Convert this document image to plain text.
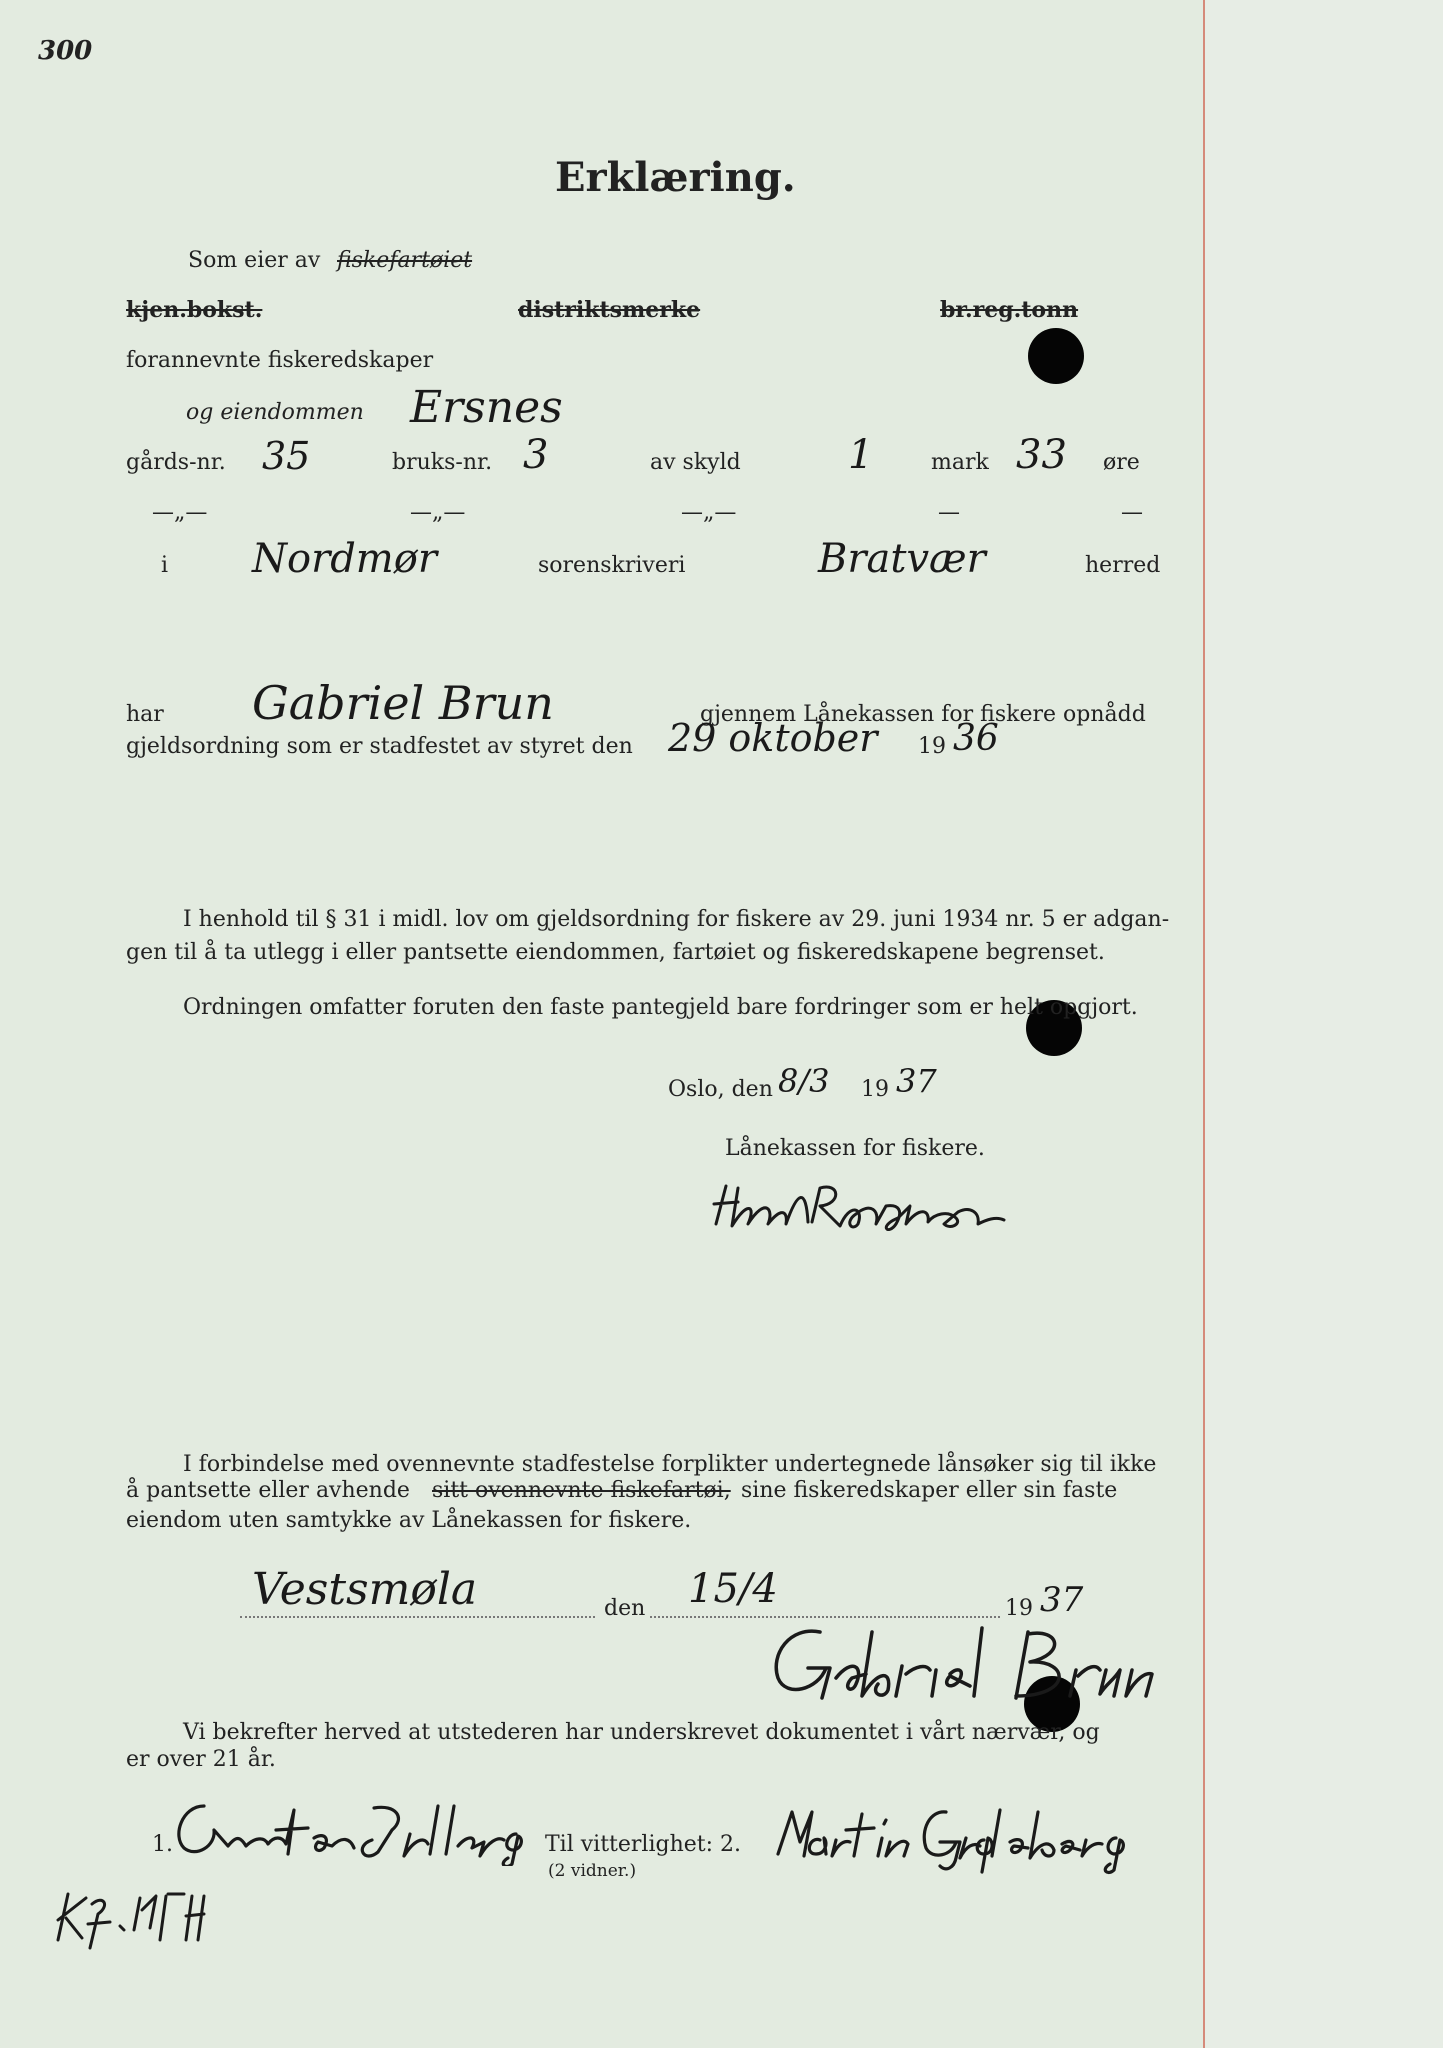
300
Erklæring.
Som eier av fiskefartøiet
kjen.bokst.	distriktsmerke	br.reg.tonn
forannevnte fiskeredskaper
og eiendommen Ersnes
gårds-nr. 35	bruks-nr. 3	av skyld	1	mark 33 øre
—„—	—„—	—„—	—	—
i Nordmør	sorenskriveri	Bratvær	herred
har Gabriel Brun	gjennem Lånekassen for fiskere opnådd
gjeldsordning som er stadfestet av styret den 29 oktober 19 36
I henhold til § 31 i midl. lov om gjeldsordning for fiskere av 29. juni 1934 nr. 5 er adgan-
gen til å ta utlegg i eller pantsette eiendommen, fartøiet og fiskeredskapene begrenset.
Ordningen omfatter foruten den faste pantegjeld bare fordringer som er helt opgjort.
Oslo, den 8/3 19 37
Lånekassen for fiskere.
I forbindelse med ovennevnte stadfestelse forplikter undertegnede lånsøker sig til ikke
å pantsette eller avhende sitt ovennevnte fiskefartøi, sine fiskeredskaper eller sin faste
eiendom uten samtykke av Lånekassen for fiskere.
Vestsmøla	den 15/4	19 37
Vi bekrefter herved at utstederen har underskrevet dokumentet i vårt nærvær, og
er over 21 år.
1.	Til vitterlighet: 2.
(2 vidner.)
